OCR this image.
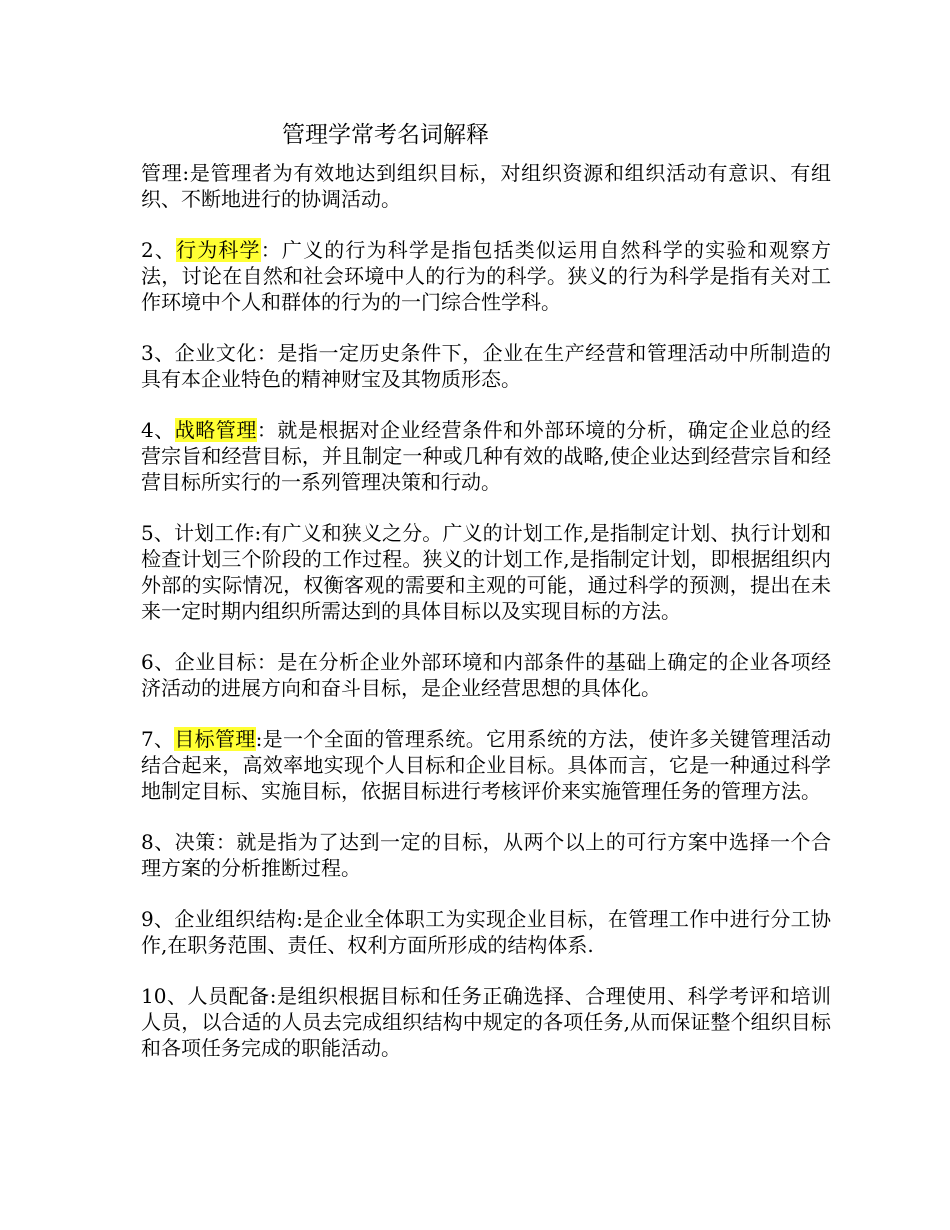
管理学常考名词解释

管理:是管理者为有效地达到组织目标，对组织资源和组织活动有意识、有组织、不断地进行的协调活动。

2、行为科学：广义的行为科学是指包括类似运用自然科学的实验和观察方法，讨论在自然和社会环境中人的行为的科学。狭义的行为科学是指有关对工作环境中个人和群体的行为的一门综合性学科。

3、企业文化：是指一定历史条件下，企业在生产经营和管理活动中所制造的具有本企业特色的精神财宝及其物质形态。

4、战略管理：就是根据对企业经营条件和外部环境的分析，确定企业总的经营宗旨和经营目标，并且制定一种或几种有效的战略,使企业达到经营宗旨和经营目标所实行的一系列管理决策和行动。

5、计划工作:有广义和狭义之分。广义的计划工作,是指制定计划、执行计划和检查计划三个阶段的工作过程。狭义的计划工作,是指制定计划，即根据组织内外部的实际情况，权衡客观的需要和主观的可能，通过科学的预测，提出在未来一定时期内组织所需达到的具体目标以及实现目标的方法。

6、企业目标：是在分析企业外部环境和内部条件的基础上确定的企业各项经济活动的进展方向和奋斗目标，是企业经营思想的具体化。

7、目标管理:是一个全面的管理系统。它用系统的方法，使许多关键管理活动结合起来，高效率地实现个人目标和企业目标。具体而言，它是一种通过科学地制定目标、实施目标，依据目标进行考核评价来实施管理任务的管理方法。

8、决策：就是指为了达到一定的目标，从两个以上的可行方案中选择一个合理方案的分析推断过程。

9、企业组织结构:是企业全体职工为实现企业目标，在管理工作中进行分工协作,在职务范围、责任、权利方面所形成的结构体系.

10、人员配备:是组织根据目标和任务正确选择、合理使用、科学考评和培训人员，以合适的人员去完成组织结构中规定的各项任务,从而保证整个组织目标和各项任务完成的职能活动。
